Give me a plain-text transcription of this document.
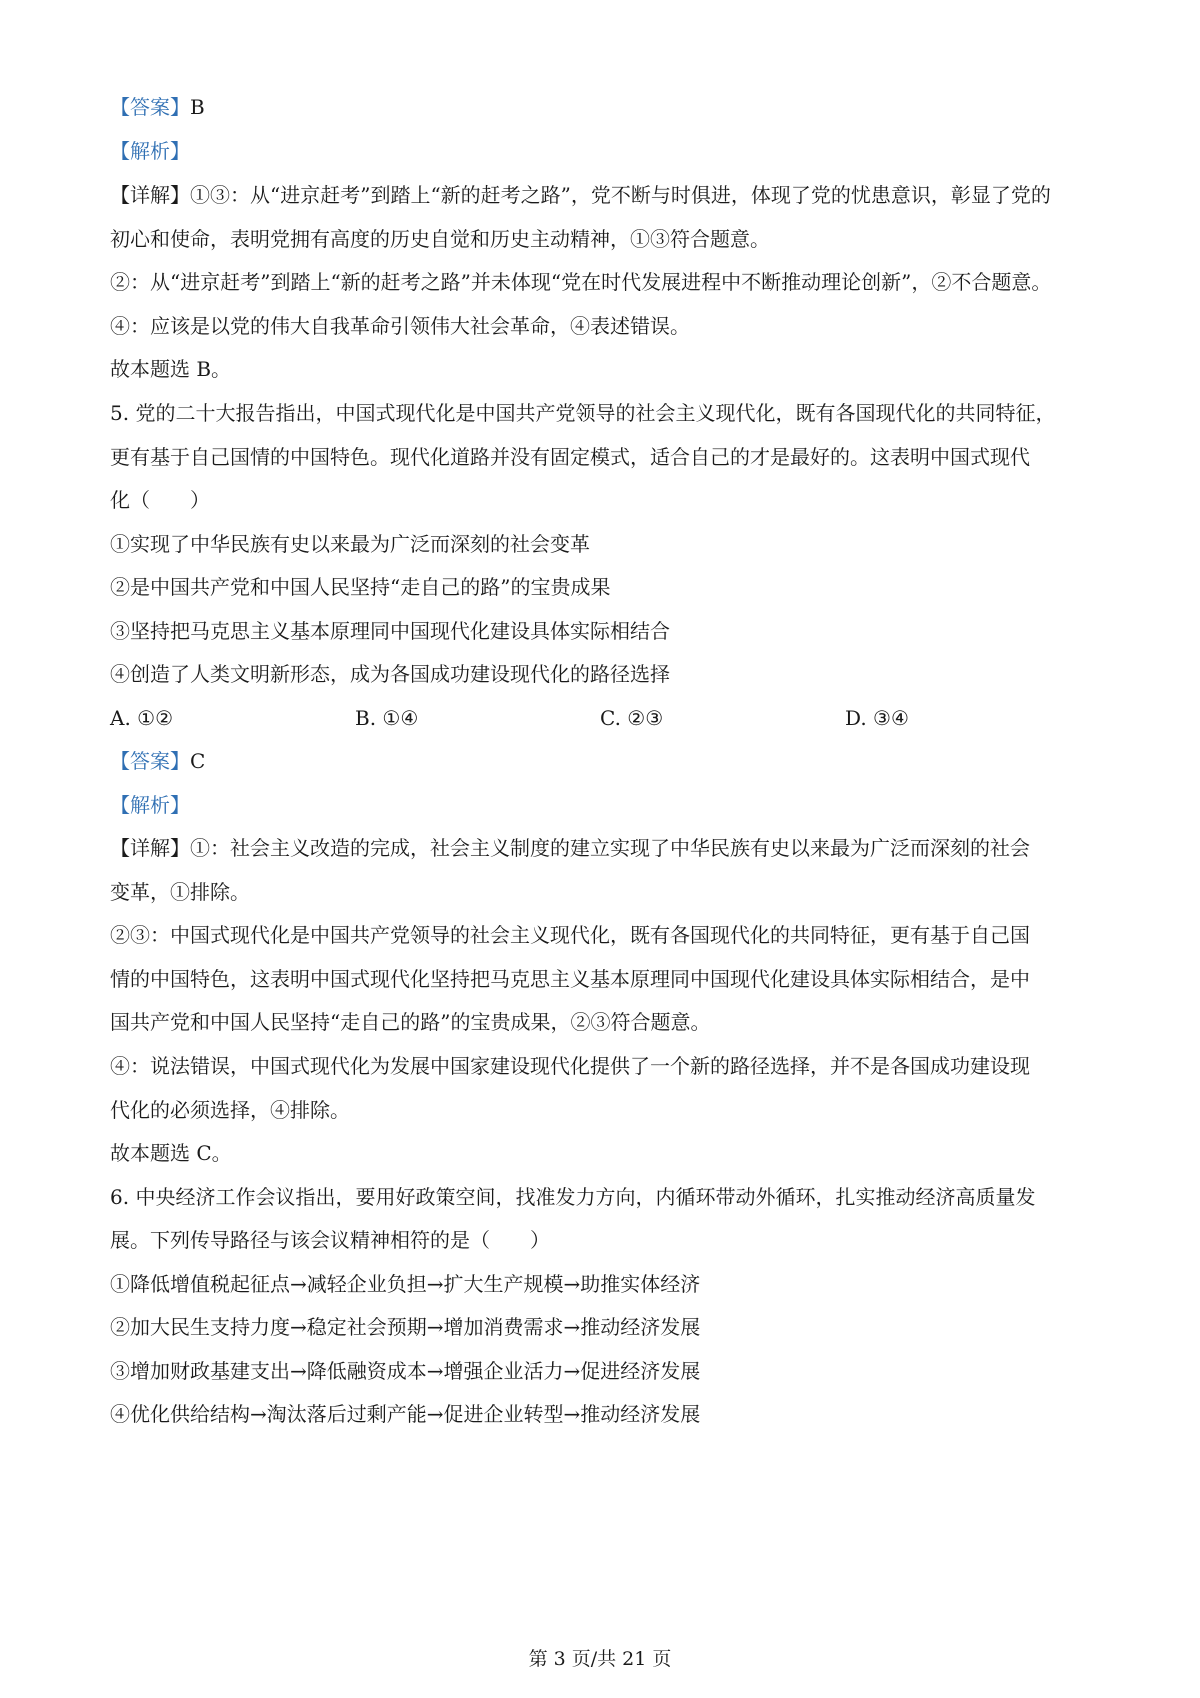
【答案】B
【解析】
【详解】①③：从“进京赶考”到踏上“新的赶考之路”，党不断与时俱进，体现了党的忧患意识，彰显了党的
初心和使命，表明党拥有高度的历史自觉和历史主动精神，①③符合题意。
②：从“进京赶考”到踏上“新的赶考之路”并未体现“党在时代发展进程中不断推动理论创新”，②不合题意。
④：应该是以党的伟大自我革命引领伟大社会革命，④表述错误。
故本题选 B。
5. 党的二十大报告指出，中国式现代化是中国共产党领导的社会主义现代化，既有各国现代化的共同特征，
更有基于自己国情的中国特色。现代化道路并没有固定模式，适合自己的才是最好的。这表明中国式现代
化（　　）
①实现了中华民族有史以来最为广泛而深刻的社会变革
②是中国共产党和中国人民坚持“走自己的路”的宝贵成果
③坚持把马克思主义基本原理同中国现代化建设具体实际相结合
④创造了人类文明新形态，成为各国成功建设现代化的路径选择
A. ①②	B. ①④	C. ②③	D. ③④
【答案】C
【解析】
【详解】①：社会主义改造的完成，社会主义制度的建立实现了中华民族有史以来最为广泛而深刻的社会
变革，①排除。
②③：中国式现代化是中国共产党领导的社会主义现代化，既有各国现代化的共同特征，更有基于自己国
情的中国特色，这表明中国式现代化坚持把马克思主义基本原理同中国现代化建设具体实际相结合，是中
国共产党和中国人民坚持“走自己的路”的宝贵成果，②③符合题意。
④：说法错误，中国式现代化为发展中国家建设现代化提供了一个新的路径选择，并不是各国成功建设现
代化的必须选择，④排除。
故本题选 C。
6. 中央经济工作会议指出，要用好政策空间，找准发力方向，内循环带动外循环，扎实推动经济高质量发
展。下列传导路径与该会议精神相符的是（　　）
①降低增值税起征点→减轻企业负担→扩大生产规模→助推实体经济
②加大民生支持力度→稳定社会预期→增加消费需求→推动经济发展
③增加财政基建支出→降低融资成本→增强企业活力→促进经济发展
④优化供给结构→淘汰落后过剩产能→促进企业转型→推动经济发展
第 3 页/共 21 页
